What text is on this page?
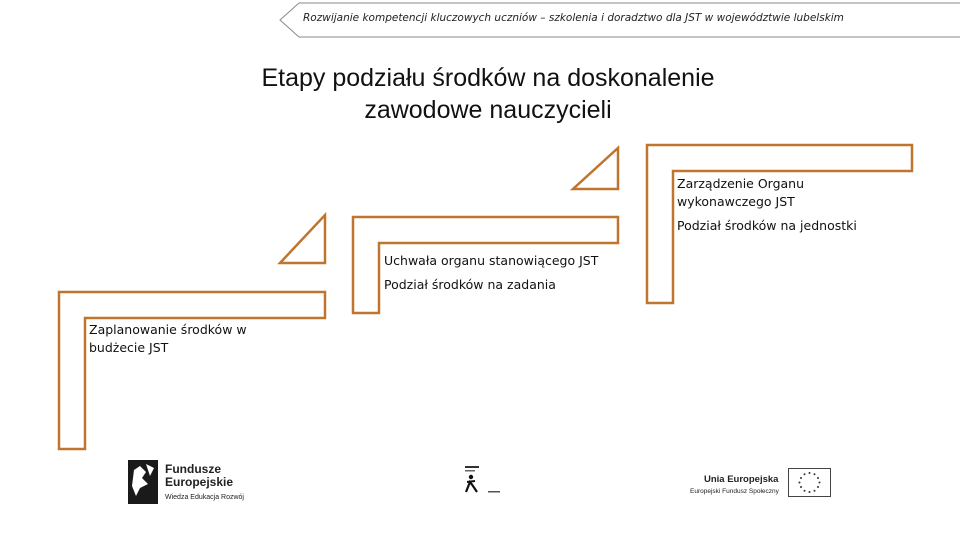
Rozwijanie kompetencji kluczowych uczniów – szkolenia i doradztwo dla JST w województwie lubelskim
Etapy podziału środków na doskonalenie
zawodowe nauczycieli
Zaplanowanie środków w
budżecie JST
Uchwała organu stanowiącego JST
Podział środków na zadania
Zarządzenie Organu
wykonawczego JST
Podział środków na jednostki
Fundusze
Europejskie
Wiedza Edukacja Rozwój
Unia Europejska
Europejski Fundusz Społeczny
